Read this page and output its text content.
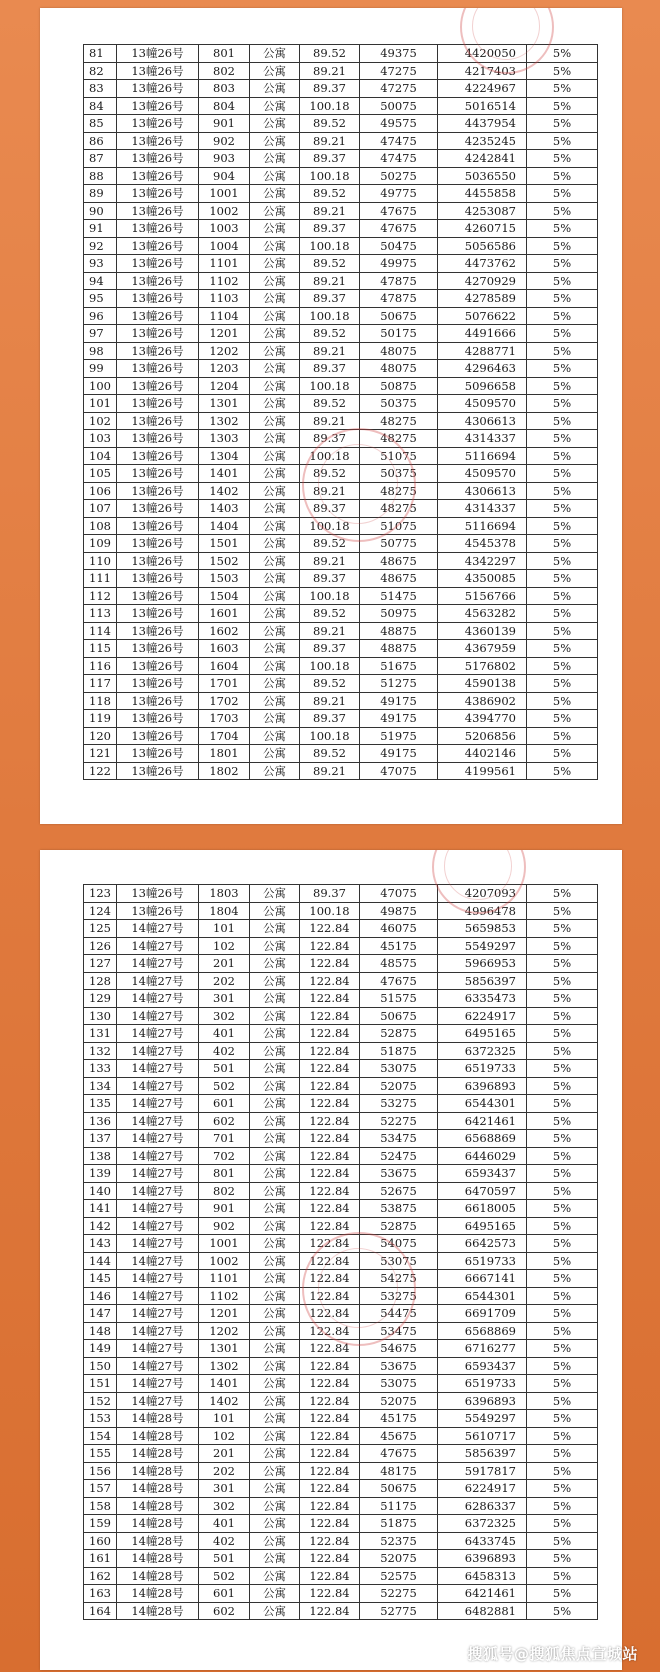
81	13幢26号	801	公寓	89.52	49375	4420050	5%
82	13幢26号	802	公寓	89.21	47275	4217403	5%
83	13幢26号	803	公寓	89.37	47275	4224967	5%
84	13幢26号	804	公寓	100.18	50075	5016514	5%
85	13幢26号	901	公寓	89.52	49575	4437954	5%
86	13幢26号	902	公寓	89.21	47475	4235245	5%
87	13幢26号	903	公寓	89.37	47475	4242841	5%
88	13幢26号	904	公寓	100.18	50275	5036550	5%
89	13幢26号	1001	公寓	89.52	49775	4455858	5%
90	13幢26号	1002	公寓	89.21	47675	4253087	5%
91	13幢26号	1003	公寓	89.37	47675	4260715	5%
92	13幢26号	1004	公寓	100.18	50475	5056586	5%
93	13幢26号	1101	公寓	89.52	49975	4473762	5%
94	13幢26号	1102	公寓	89.21	47875	4270929	5%
95	13幢26号	1103	公寓	89.37	47875	4278589	5%
96	13幢26号	1104	公寓	100.18	50675	5076622	5%
97	13幢26号	1201	公寓	89.52	50175	4491666	5%
98	13幢26号	1202	公寓	89.21	48075	4288771	5%
99	13幢26号	1203	公寓	89.37	48075	4296463	5%
100	13幢26号	1204	公寓	100.18	50875	5096658	5%
101	13幢26号	1301	公寓	89.52	50375	4509570	5%
102	13幢26号	1302	公寓	89.21	48275	4306613	5%
103	13幢26号	1303	公寓	89.37	48275	4314337	5%
104	13幢26号	1304	公寓	100.18	51075	5116694	5%
105	13幢26号	1401	公寓	89.52	50375	4509570	5%
106	13幢26号	1402	公寓	89.21	48275	4306613	5%
107	13幢26号	1403	公寓	89.37	48275	4314337	5%
108	13幢26号	1404	公寓	100.18	51075	5116694	5%
109	13幢26号	1501	公寓	89.52	50775	4545378	5%
110	13幢26号	1502	公寓	89.21	48675	4342297	5%
111	13幢26号	1503	公寓	89.37	48675	4350085	5%
112	13幢26号	1504	公寓	100.18	51475	5156766	5%
113	13幢26号	1601	公寓	89.52	50975	4563282	5%
114	13幢26号	1602	公寓	89.21	48875	4360139	5%
115	13幢26号	1603	公寓	89.37	48875	4367959	5%
116	13幢26号	1604	公寓	100.18	51675	5176802	5%
117	13幢26号	1701	公寓	89.52	51275	4590138	5%
118	13幢26号	1702	公寓	89.21	49175	4386902	5%
119	13幢26号	1703	公寓	89.37	49175	4394770	5%
120	13幢26号	1704	公寓	100.18	51975	5206856	5%
121	13幢26号	1801	公寓	89.52	49175	4402146	5%
122	13幢26号	1802	公寓	89.21	47075	4199561	5%
123	13幢26号	1803	公寓	89.37	47075	4207093	5%
124	13幢26号	1804	公寓	100.18	49875	4996478	5%
125	14幢27号	101	公寓	122.84	46075	5659853	5%
126	14幢27号	102	公寓	122.84	45175	5549297	5%
127	14幢27号	201	公寓	122.84	48575	5966953	5%
128	14幢27号	202	公寓	122.84	47675	5856397	5%
129	14幢27号	301	公寓	122.84	51575	6335473	5%
130	14幢27号	302	公寓	122.84	50675	6224917	5%
131	14幢27号	401	公寓	122.84	52875	6495165	5%
132	14幢27号	402	公寓	122.84	51875	6372325	5%
133	14幢27号	501	公寓	122.84	53075	6519733	5%
134	14幢27号	502	公寓	122.84	52075	6396893	5%
135	14幢27号	601	公寓	122.84	53275	6544301	5%
136	14幢27号	602	公寓	122.84	52275	6421461	5%
137	14幢27号	701	公寓	122.84	53475	6568869	5%
138	14幢27号	702	公寓	122.84	52475	6446029	5%
139	14幢27号	801	公寓	122.84	53675	6593437	5%
140	14幢27号	802	公寓	122.84	52675	6470597	5%
141	14幢27号	901	公寓	122.84	53875	6618005	5%
142	14幢27号	902	公寓	122.84	52875	6495165	5%
143	14幢27号	1001	公寓	122.84	54075	6642573	5%
144	14幢27号	1002	公寓	122.84	53075	6519733	5%
145	14幢27号	1101	公寓	122.84	54275	6667141	5%
146	14幢27号	1102	公寓	122.84	53275	6544301	5%
147	14幢27号	1201	公寓	122.84	54475	6691709	5%
148	14幢27号	1202	公寓	122.84	53475	6568869	5%
149	14幢27号	1301	公寓	122.84	54675	6716277	5%
150	14幢27号	1302	公寓	122.84	53675	6593437	5%
151	14幢27号	1401	公寓	122.84	53075	6519733	5%
152	14幢27号	1402	公寓	122.84	52075	6396893	5%
153	14幢28号	101	公寓	122.84	45175	5549297	5%
154	14幢28号	102	公寓	122.84	45675	5610717	5%
155	14幢28号	201	公寓	122.84	47675	5856397	5%
156	14幢28号	202	公寓	122.84	48175	5917817	5%
157	14幢28号	301	公寓	122.84	50675	6224917	5%
158	14幢28号	302	公寓	122.84	51175	6286337	5%
159	14幢28号	401	公寓	122.84	51875	6372325	5%
160	14幢28号	402	公寓	122.84	52375	6433745	5%
161	14幢28号	501	公寓	122.84	52075	6396893	5%
162	14幢28号	502	公寓	122.84	52575	6458313	5%
163	14幢28号	601	公寓	122.84	52275	6421461	5%
164	14幢28号	602	公寓	122.84	52775	6482881	5%
搜狐号@搜狐焦点宣城站
